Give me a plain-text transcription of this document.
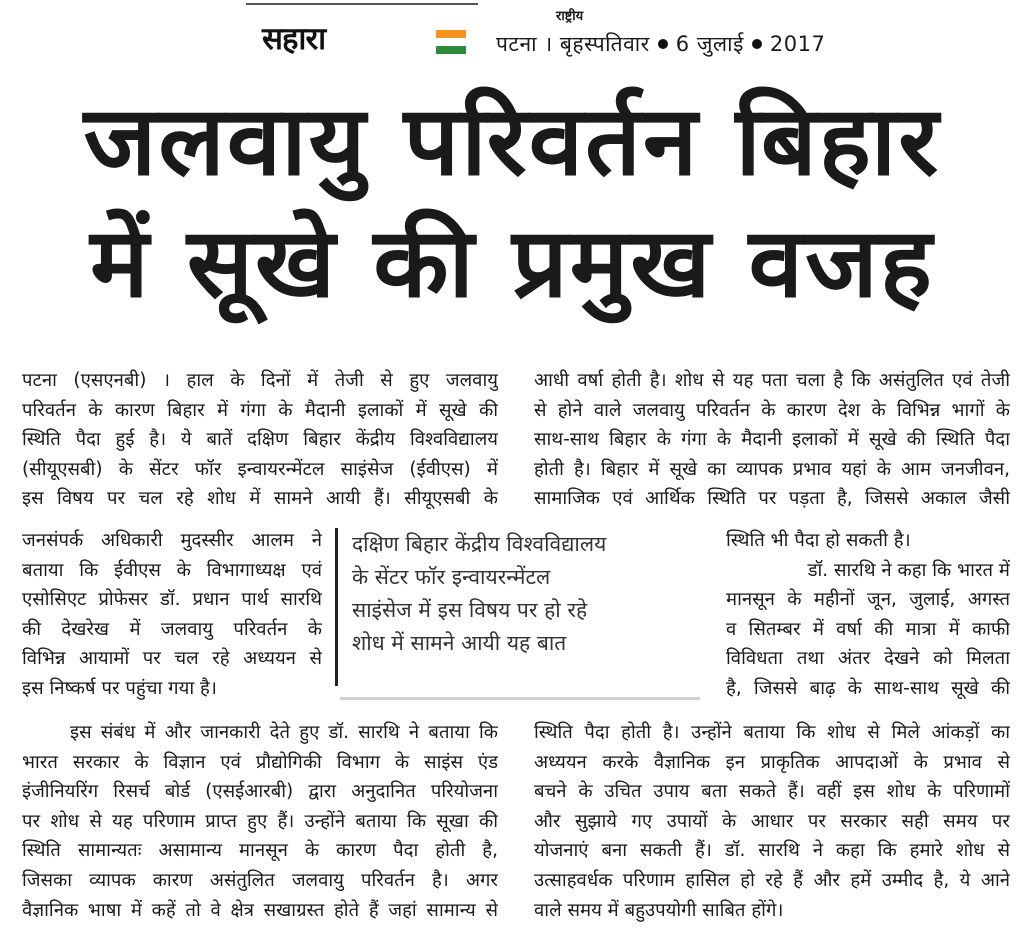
राष्ट्रीय
सहारा	पटना । बृहस्पतिवार 6 जुलाई 2017
जलवायु परिवर्तन बिहार
में सूखे की प्रमुख वजह
पटना (एसएनबी) । हाल के दिनों में तेजी से हुए जलवायु
परिवर्तन के कारण बिहार में गंगा के मैदानी इलाकों में सूखे की
स्थिति पैदा हुई है। ये बातें दक्षिण बिहार केंद्रीय विश्वविद्यालय
(सीयूएसबी) के सेंटर फॉर इन्वायरन्मेंटल साइंसेज (ईवीएस) में
इस विषय पर चल रहे शोध में सामने आयी हैं। सीयूएसबी के
जनसंपर्क अधिकारी मुदस्सीर आलम ने
बताया कि ईवीएस के विभागाध्यक्ष एवं
एसोसिएट प्रोफेसर डॉ. प्रधान पार्थ सारथि
की देखरेख में जलवायु परिवर्तन के
विभिन्न आयामों पर चल रहे अध्ययन से
इस निष्कर्ष पर पहुंचा गया है।
इस संबंध में और जानकारी देते हुए डॉ. सारथि ने बताया कि
भारत सरकार के विज्ञान एवं प्रौद्योगिकी विभाग के साइंस एंड
इंजीनियरिंग रिसर्च बोर्ड (एसईआरबी) द्वारा अनुदानित परियोजना
पर शोध से यह परिणाम प्राप्त हुए हैं। उन्होंने बताया कि सूखा की
स्थिति सामान्यतः असामान्य मानसून के कारण पैदा होती है,
जिसका व्यापक कारण असंतुलित जलवायु परिवर्तन है। अगर
वैज्ञानिक भाषा में कहें तो वे क्षेत्र सखाग्रस्त होते हैं जहां सामान्य से
आधी वर्षा होती है। शोध से यह पता चला है कि असंतुलित एवं तेजी
से होने वाले जलवायु परिवर्तन के कारण देश के विभिन्न भागों के
साथ-साथ बिहार के गंगा के मैदानी इलाकों में सूखे की स्थिति पैदा
होती है। बिहार में सूखे का व्यापक प्रभाव यहां के आम जनजीवन,
सामाजिक एवं आर्थिक स्थिति पर पड़ता है, जिससे अकाल जैसी
स्थिति भी पैदा हो सकती है।
डॉ. सारथि ने कहा कि भारत में
मानसून के महीनों जून, जुलाई, अगस्त
व सितम्बर में वर्षा की मात्रा में काफी
विविधता तथा अंतर देखने को मिलता
है, जिससे बाढ़ के साथ-साथ सूखे की
स्थिति पैदा होती है। उन्होंने बताया कि शोध से मिले आंकड़ों का
अध्ययन करके वैज्ञानिक इन प्राकृतिक आपदाओं के प्रभाव से
बचने के उचित उपाय बता सकते हैं। वहीं इस शोध के परिणामों
और सुझाये गए उपायों के आधार पर सरकार सही समय पर
योजनाएं बना सकती हैं। डॉ. सारथि ने कहा कि हमारे शोध से
उत्साहवर्धक परिणाम हासिल हो रहे हैं और हमें उम्मीद है, ये आने
वाले समय में बहुउपयोगी साबित होंगे।
दक्षिण बिहार केंद्रीय विश्वविद्यालय
के सेंटर फॉर इन्वायरन्मेंटल
साइंसेज में इस विषय पर हो रहे
शोध में सामने आयी यह बात
